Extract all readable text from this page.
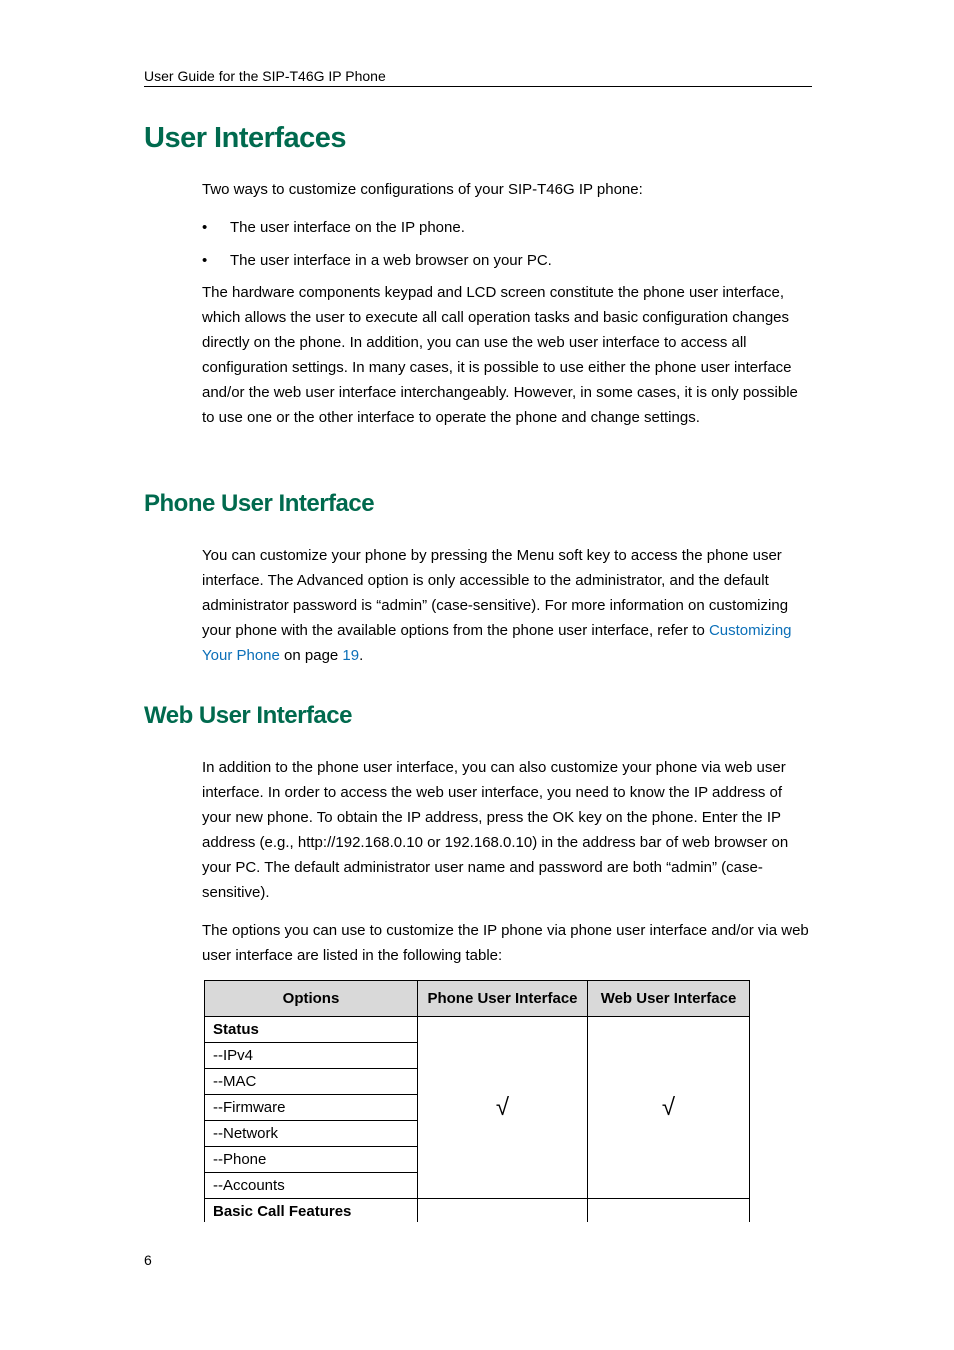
User Guide for the SIP-T46G IP Phone
User Interfaces

Two ways to customize configurations of your SIP-T46G IP phone:

• The user interface on the IP phone.
• The user interface in a web browser on your PC.

The hardware components keypad and LCD screen constitute the phone user interface, which allows the user to execute all call operation tasks and basic configuration changes directly on the phone. In addition, you can use the web user interface to access all configuration settings. In many cases, it is possible to use either the phone user interface and/or the web user interface interchangeably. However, in some cases, it is only possible to use one or the other interface to operate the phone and change settings.

Phone User Interface

You can customize your phone by pressing the Menu soft key to access the phone user interface. The Advanced option is only accessible to the administrator, and the default administrator password is “admin” (case-sensitive). For more information on customizing your phone with the available options from the phone user interface, refer to Customizing Your Phone on page 19.

Web User Interface

In addition to the phone user interface, you can also customize your phone via web user interface. In order to access the web user interface, you need to know the IP address of your new phone. To obtain the IP address, press the OK key on the phone. Enter the IP address (e.g., http://192.168.0.10 or 192.168.0.10) in the address bar of web browser on your PC. The default administrator user name and password are both “admin” (case-sensitive).

The options you can use to customize the IP phone via phone user interface and/or via web user interface are listed in the following table:

Options	Phone User Interface	Web User Interface
Status	√	√
--IPv4		
--MAC		
--Firmware		
--Network		
--Phone		
--Accounts		
Basic Call Features		
6
